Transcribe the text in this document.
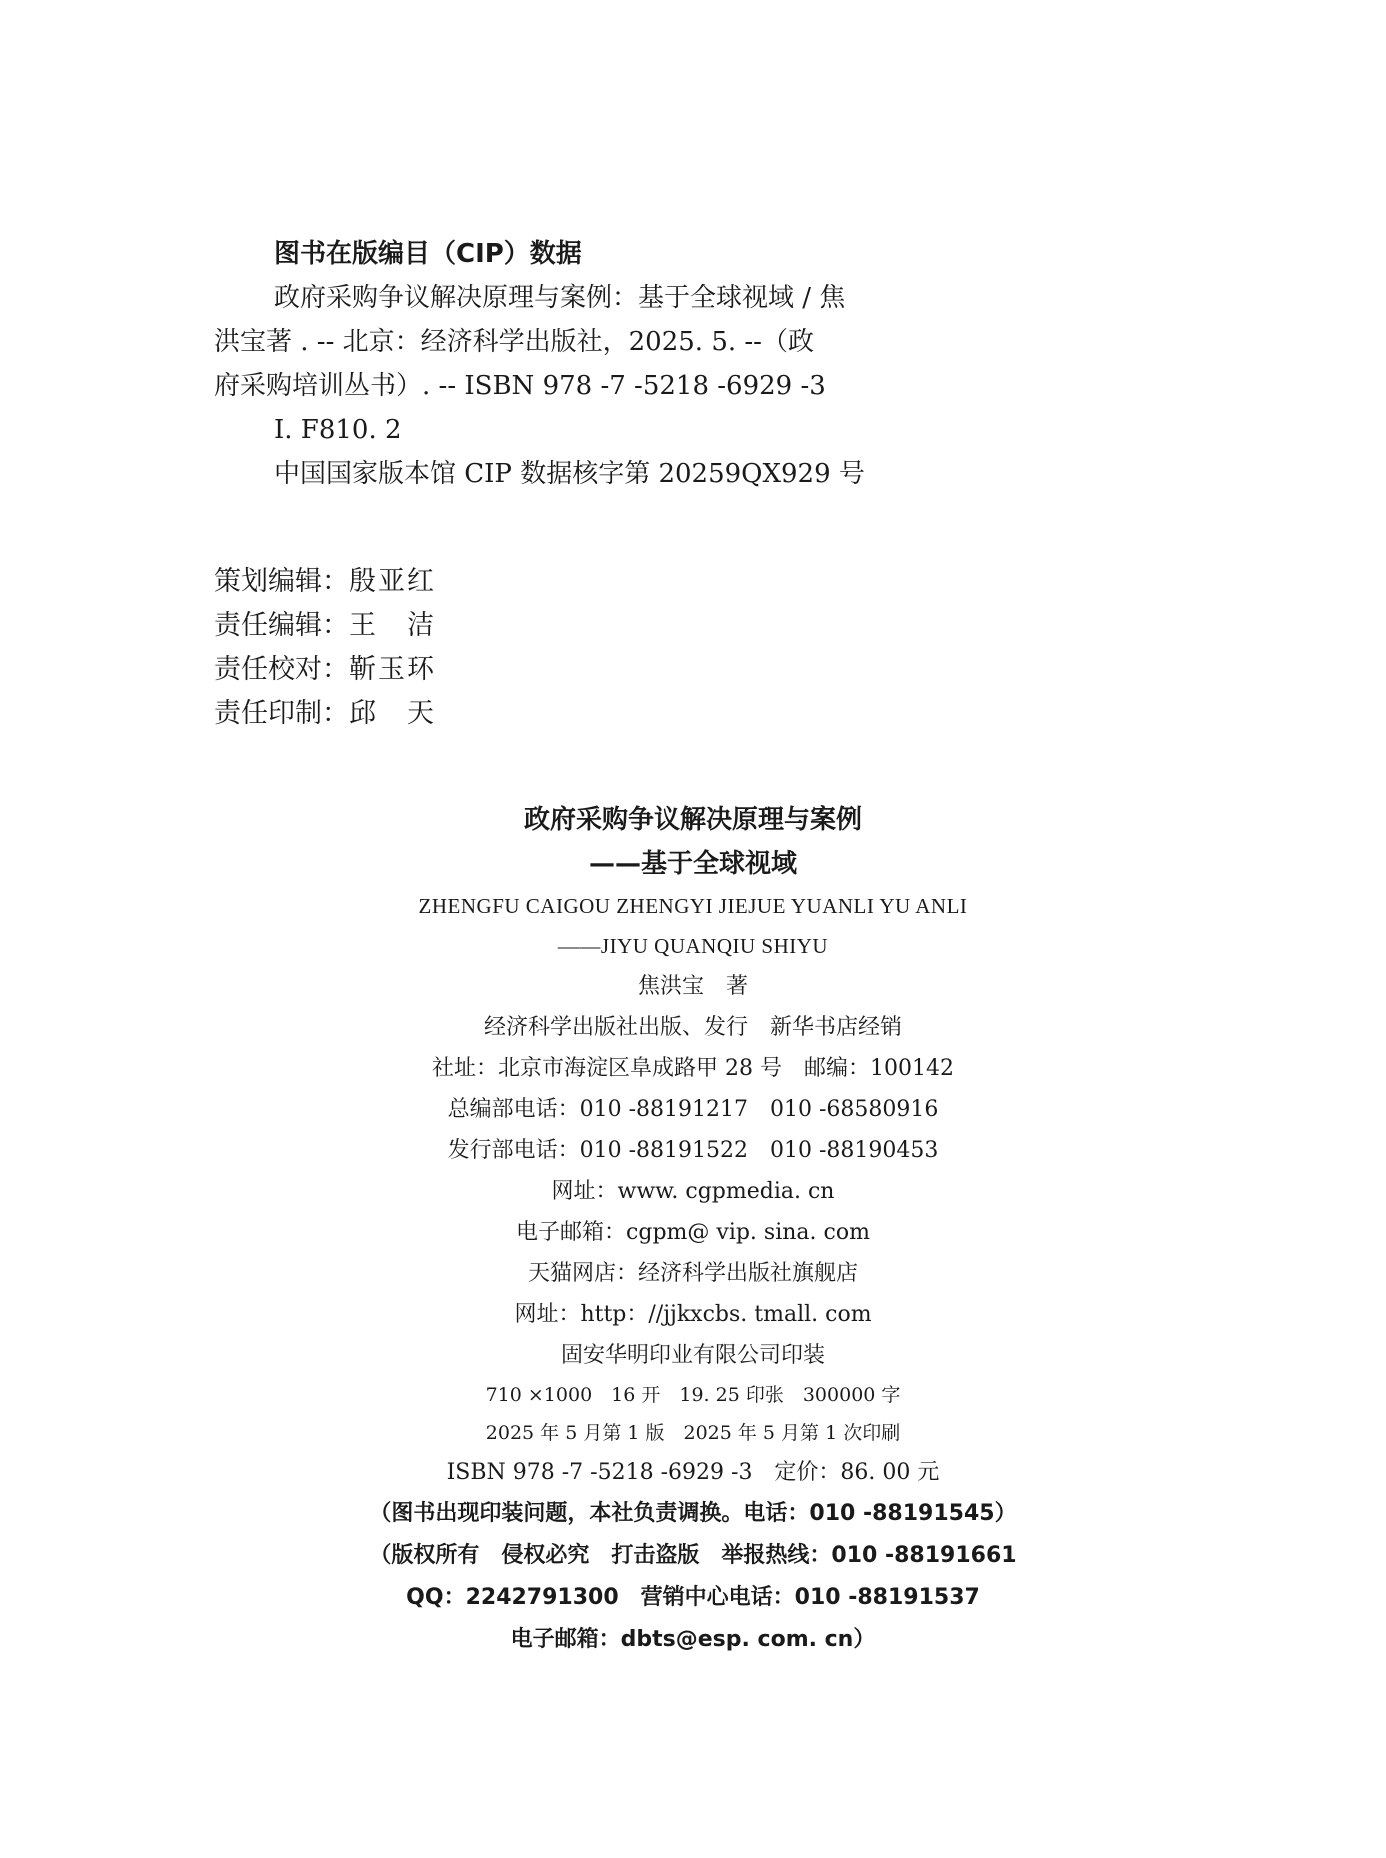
图书在版编目（CIP）数据
政府采购争议解决原理与案例：基于全球视域 / 焦
洪宝著 . -- 北京：经济科学出版社，2025. 5. --（政
府采购培训丛书）. -- ISBN 978 -7 -5218 -6929 -3
Ⅰ. F810. 2
中国国家版本馆 CIP 数据核字第 20259QX929 号
策划编辑：殷亚红
责任编辑：王　洁
责任校对：靳玉环
责任印制：邱　天
政府采购争议解决原理与案例
——基于全球视域
ZHENGFU CAIGOU ZHENGYI JIEJUE YUANLI YU ANLI
——JIYU QUANQIU SHIYU
焦洪宝　著
经济科学出版社出版、发行　新华书店经销
社址：北京市海淀区阜成路甲 28 号　邮编：100142
总编部电话：010 -88191217　010 -68580916
发行部电话：010 -88191522　010 -88190453
网址：www. cgpmedia. cn
电子邮箱：cgpm@ vip. sina. com
天猫网店：经济科学出版社旗舰店
网址：http：//jjkxcbs. tmall. com
固安华明印业有限公司印装
710 ×1000　16 开　19. 25 印张　300000 字
2025 年 5 月第 1 版　2025 年 5 月第 1 次印刷
ISBN 978 -7 -5218 -6929 -3　定价：86. 00 元
（图书出现印装问题，本社负责调换。电话：010 -88191545）
（版权所有　侵权必究　打击盗版　举报热线：010 -88191661
QQ：2242791300　营销中心电话：010 -88191537
电子邮箱：dbts@esp. com. cn）
